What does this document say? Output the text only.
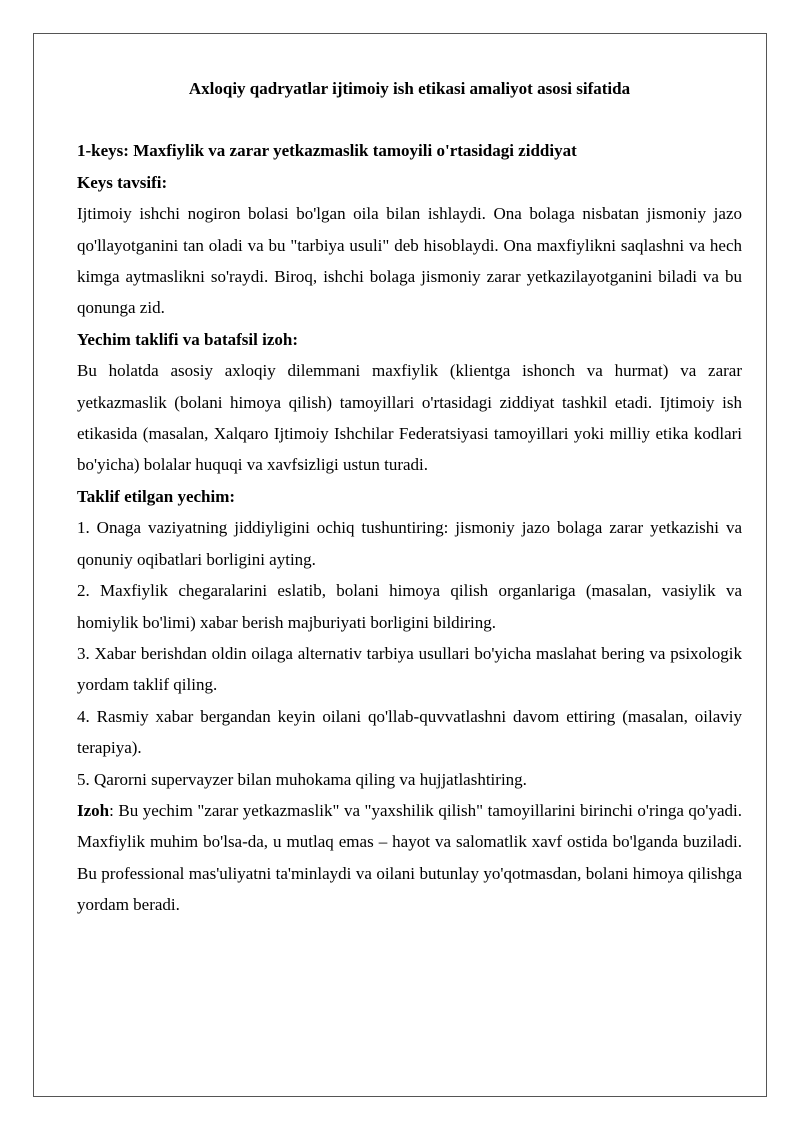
Axloqiy qadryatlar ijtimoiy ish etikasi amaliyot asosi sifatida

1-keys: Maxfiylik va zarar yetkazmaslik tamoyili o'rtasidagi ziddiyat

Keys tavsifi:

Ijtimoiy ishchi nogiron bolasi bo'lgan oila bilan ishlaydi. Ona bolaga nisbatan jismoniy jazo qo'llayotganini tan oladi va bu "tarbiya usuli" deb hisoblaydi. Ona maxfiylikni saqlashni va hech kimga aytmaslikni so'raydi. Biroq, ishchi bolaga jismoniy zarar yetkazilayotganini biladi va bu qonunga zid.

Yechim taklifi va batafsil izoh:

Bu holatda asosiy axloqiy dilemmani maxfiylik (klientga ishonch va hurmat) va zarar yetkazmaslik (bolani himoya qilish) tamoyillari o'rtasidagi ziddiyat tashkil etadi. Ijtimoiy ish etikasida (masalan, Xalqaro Ijtimoiy Ishchilar Federatsiyasi tamoyillari yoki milliy etika kodlari bo'yicha) bolalar huquqi va xavfsizligi ustun turadi.

Taklif etilgan yechim:

1. Onaga vaziyatning jiddiyligini ochiq tushuntiring: jismoniy jazo bolaga zarar yetkazishi va qonuniy oqibatlari borligini ayting.

2. Maxfiylik chegaralarini eslatib, bolani himoya qilish organlariga (masalan, vasiylik va homiylik bo'limi) xabar berish majburiyati borligini bildiring.

3. Xabar berishdan oldin oilaga alternativ tarbiya usullari bo'yicha maslahat bering va psixologik yordam taklif qiling.

4. Rasmiy xabar bergandan keyin oilani qo'llab-quvvatlashni davom ettiring (masalan, oilaviy terapiya).

5. Qarorni supervayzer bilan muhokama qiling va hujjatlashtiring.

Izoh: Bu yechim "zarar yetkazmaslik" va "yaxshilik qilish" tamoyillarini birinchi o'ringa qo'yadi. Maxfiylik muhim bo'lsa-da, u mutlaq emas – hayot va salomatlik xavf ostida bo'lganda buziladi. Bu professional mas'uliyatni ta'minlaydi va oilani butunlay yo'qotmasdan, bolani himoya qilishga yordam beradi.
